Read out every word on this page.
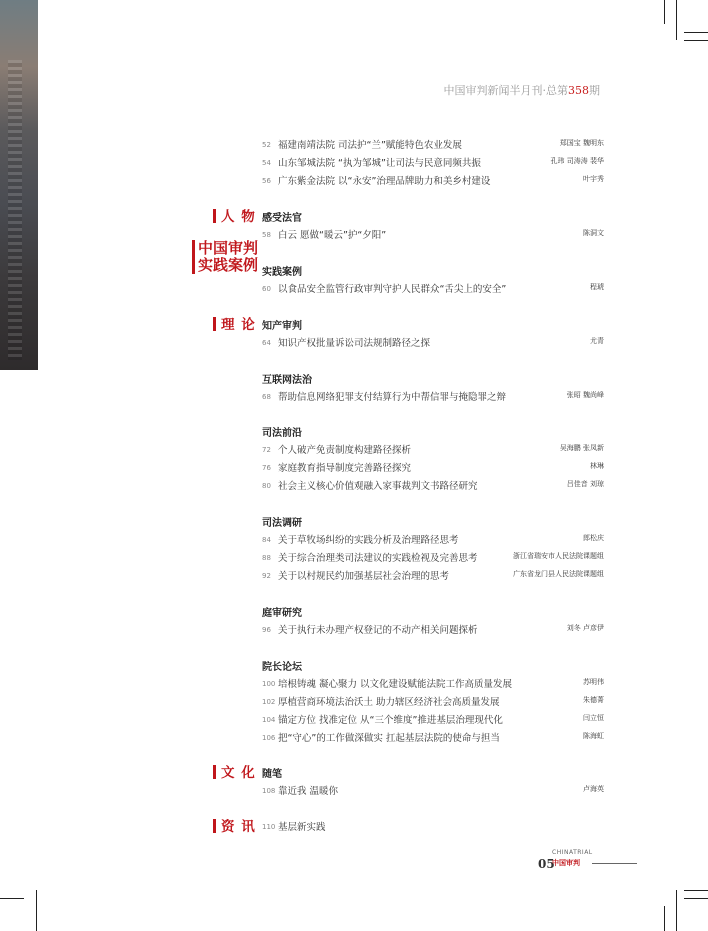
中国审判新闻半月刊·总第358期
52 福建南靖法院 司法护“兰”赋能特色农业发展	郑国宝 魏明东
54 山东邹城法院 “执为邹城”让司法与民意同频共振	孔玮 司涛涛 裴华
56 广东紫金法院 以“永安”治理品牌助力和美乡村建设	叶宇秀
人 物 感受法官
58 白云 愿做“暖云”护“夕阳”	陈洞文
中国审判
实践案例 实践案例
60 以食品安全监管行政审判守护人民群众“舌尖上的安全”	程琥
理 论 知产审判
64 知识产权批量诉讼司法规制路径之探	尤青
互联网法治
68 帮助信息网络犯罪支付结算行为中帮信罪与掩隐罪之辩	张昭 魏尚峰
司法前沿
72 个人破产免责制度构建路径探析	吴海鹏 张凤新
76 家庭教育指导制度完善路径探究	林琳
80 社会主义核心价值观融入家事裁判文书路径研究	吕佳音 刘琼
司法调研
84 关于草牧场纠纷的实践分析及治理路径思考	郎松庆
88 关于综合治理类司法建议的实践检视及完善思考	浙江省瑞安市人民法院课题组
92 关于以村规民约加强基层社会治理的思考	广东省龙门县人民法院课题组
庭审研究
96 关于执行未办理产权登记的不动产相关问题探析	刘冬 卢彦伊
院长论坛
100 培根铸魂 凝心聚力 以文化建设赋能法院工作高质量发展	苏明伟
102 厚植营商环境法治沃土 助力辖区经济社会高质量发展	朱德菁
104 锚定方位 找准定位 从“三个维度”推进基层治理现代化	闫立恒
106 把“守心”的工作做深做实 扛起基层法院的使命与担当	陈海虹
文 化 随笔
108 靠近我 温暖你	卢海英
资 讯 110 基层新实践
05
CHINATRIAL
中国审判
